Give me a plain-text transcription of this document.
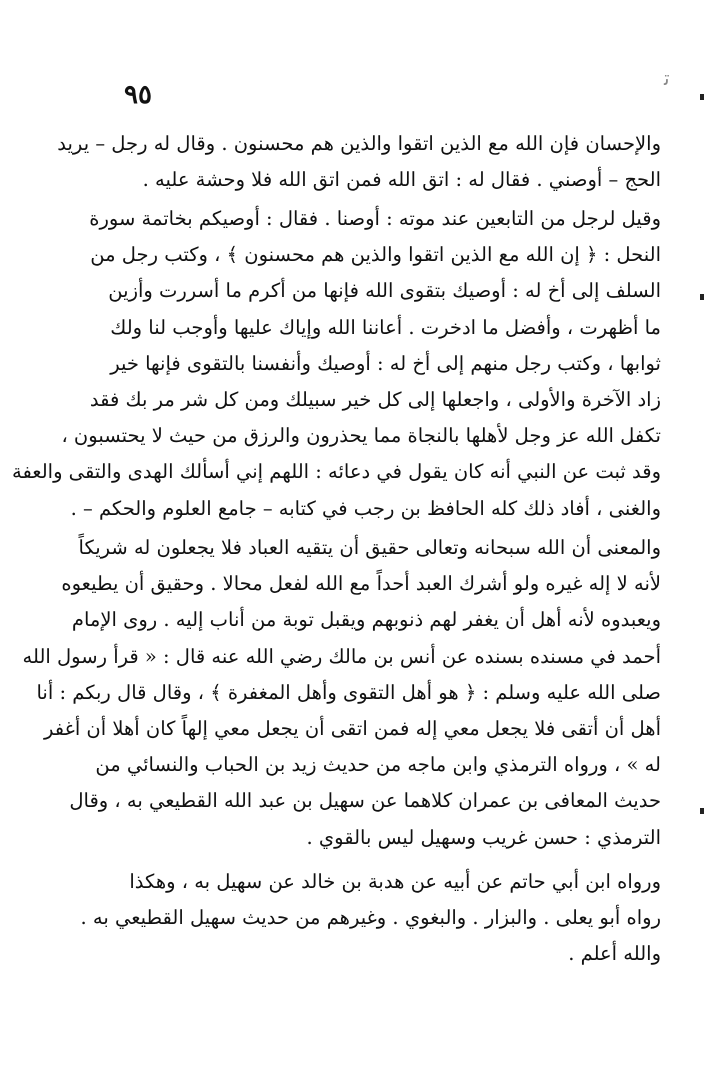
٩٥
ﺗ
والإحسان فإن الله مع الذين اتقوا والذين هم محسنون . وقال له رجل – يريد
الحج – أوصني . فقال له : اتق الله فمن اتق الله فلا وحشة عليه .
وقيل لرجل من التابعين عند موته : أوصنا . فقال : أوصيكم بخاتمة سورة
النحل : ﴿ إن الله مع الذين اتقوا والذين هم محسنون ﴾ ، وكتب رجل من
السلف إلى أخ له : أوصيك بتقوى الله فإنها من أكرم ما أسررت وأزين
ما أظهرت ، وأفضل ما ادخرت . أعاننا الله وإياك عليها وأوجب لنا ولك
ثوابها ، وكتب رجل منهم إلى أخ له : أوصيك وأنفسنا بالتقوى فإنها خير
زاد الآخرة والأولى ، واجعلها إلى كل خير سبيلك ومن كل شر مر بك فقد
تكفل الله عز وجل لأهلها بالنجاة مما يحذرون والرزق من حيث لا يحتسبون ،
وقد ثبت عن النبي أنه كان يقول في دعائه : اللهم إني أسألك الهدى والتقى والعفة
والغنى ، أفاد ذلك كله الحافظ بن رجب في كتابه – جامع العلوم والحكم – .
والمعنى أن الله سبحانه وتعالى حقيق أن يتقيه العباد فلا يجعلون له شريكاً
لأنه لا إله غيره ولو أشرك العبد أحداً مع الله لفعل محالا . وحقيق أن يطيعوه
ويعبدوه لأنه أهل أن يغفر لهم ذنوبهم ويقبل توبة من أناب إليه . روى الإمام
أحمد في مسنده بسنده عن أنس بن مالك رضي الله عنه قال : « قرأ رسول الله
صلى الله عليه وسلم : ﴿ هو أهل التقوى وأهل المغفرة ﴾ ، وقال قال ربكم : أنا
أهل أن أتقى فلا يجعل معي إله فمن اتقى أن يجعل معي إلهاً كان أهلا أن أغفر
له » ، ورواه الترمذي وابن ماجه من حديث زيد بن الحباب والنسائي من
حديث المعافى بن عمران كلاهما عن سهيل بن عبد الله القطيعي به ، وقال
الترمذي : حسن غريب وسهيل ليس بالقوي .
ورواه ابن أبي حاتم عن أبيه عن هدبة بن خالد عن سهيل به ، وهكذا
رواه أبو يعلى . والبزار . والبغوي . وغيرهم من حديث سهيل القطيعي به .
والله أعلم .
